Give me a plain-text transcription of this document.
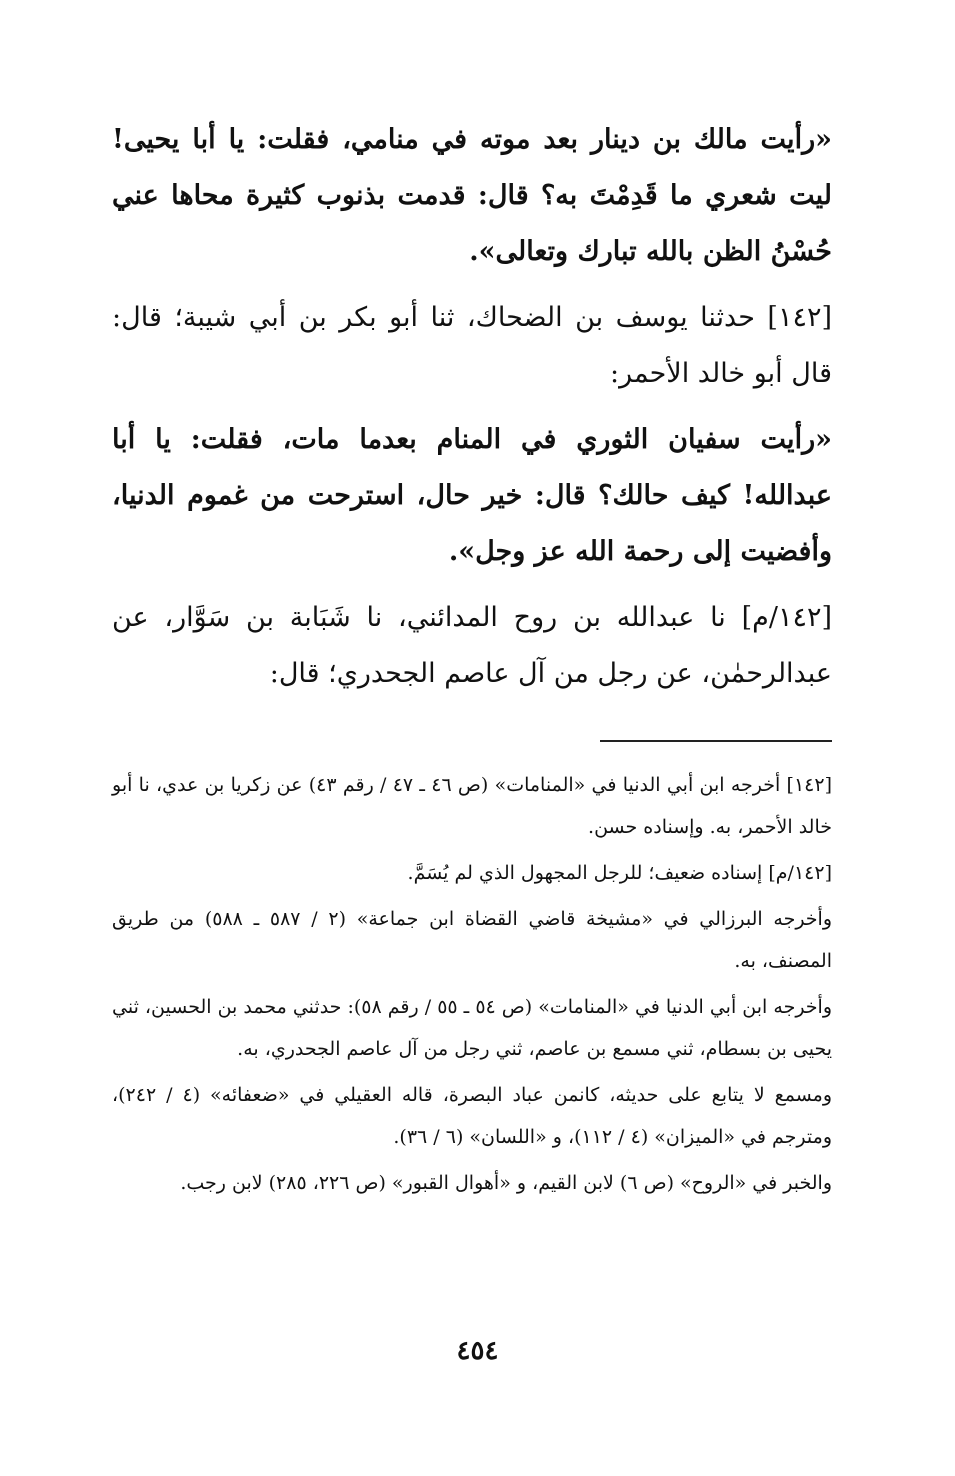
«رأيت مالك بن دينار بعد موته في منامي، فقلت: يا أبا يحيى! ليت شعري ما قَدِمْتَ به؟ قال: قدمت بذنوب كثيرة محاها عني حُسْنُ الظن بالله تبارك وتعالى».

[١٤٢] حدثنا يوسف بن الضحاك، ثنا أبو بكر بن أبي شيبة؛ قال: قال أبو خالد الأحمر:

«رأيت سفيان الثوري في المنام بعدما مات، فقلت: يا أبا عبدالله! كيف حالك؟ قال: خير حال، استرحت من غموم الدنيا، وأفضيت إلى رحمة الله عز وجل».

[١٤٢/م] نا عبدالله بن روح المدائني، نا شَبَابة بن سَوَّار، عن عبدالرحمٰن، عن رجل من آل عاصم الجحدري؛ قال:

[١٤٢] أخرجه ابن أبي الدنيا في «المنامات» (ص ٤٦ ـ ٤٧ / رقم ٤٣) عن زكريا بن عدي، نا أبو خالد الأحمر، به. وإسناده حسن.

[١٤٢/م] إسناده ضعيف؛ للرجل المجهول الذي لم يُسَمَّ.

وأخرجه البرزالي في «مشيخة قاضي القضاة ابن جماعة» (٢ / ٥٨٧ ـ ٥٨٨) من طريق المصنف، به.

وأخرجه ابن أبي الدنيا في «المنامات» (ص ٥٤ ـ ٥٥ / رقم ٥٨): حدثني محمد بن الحسين، ثني يحيى بن بسطام، ثني مسمع بن عاصم، ثني رجل من آل عاصم الجحدري، به.

ومسمع لا يتابع على حديثه، كانمن عباد البصرة، قاله العقيلي في «ضعفائه» (٤ / ٢٤٢)، ومترجم في «الميزان» (٤ / ١١٢)، و «اللسان» (٦ / ٣٦).

والخبر في «الروح» (ص ٦) لابن القيم، و «أهوال القبور» (ص ٢٢٦، ٢٨٥) لابن رجب.

٤٥٤
